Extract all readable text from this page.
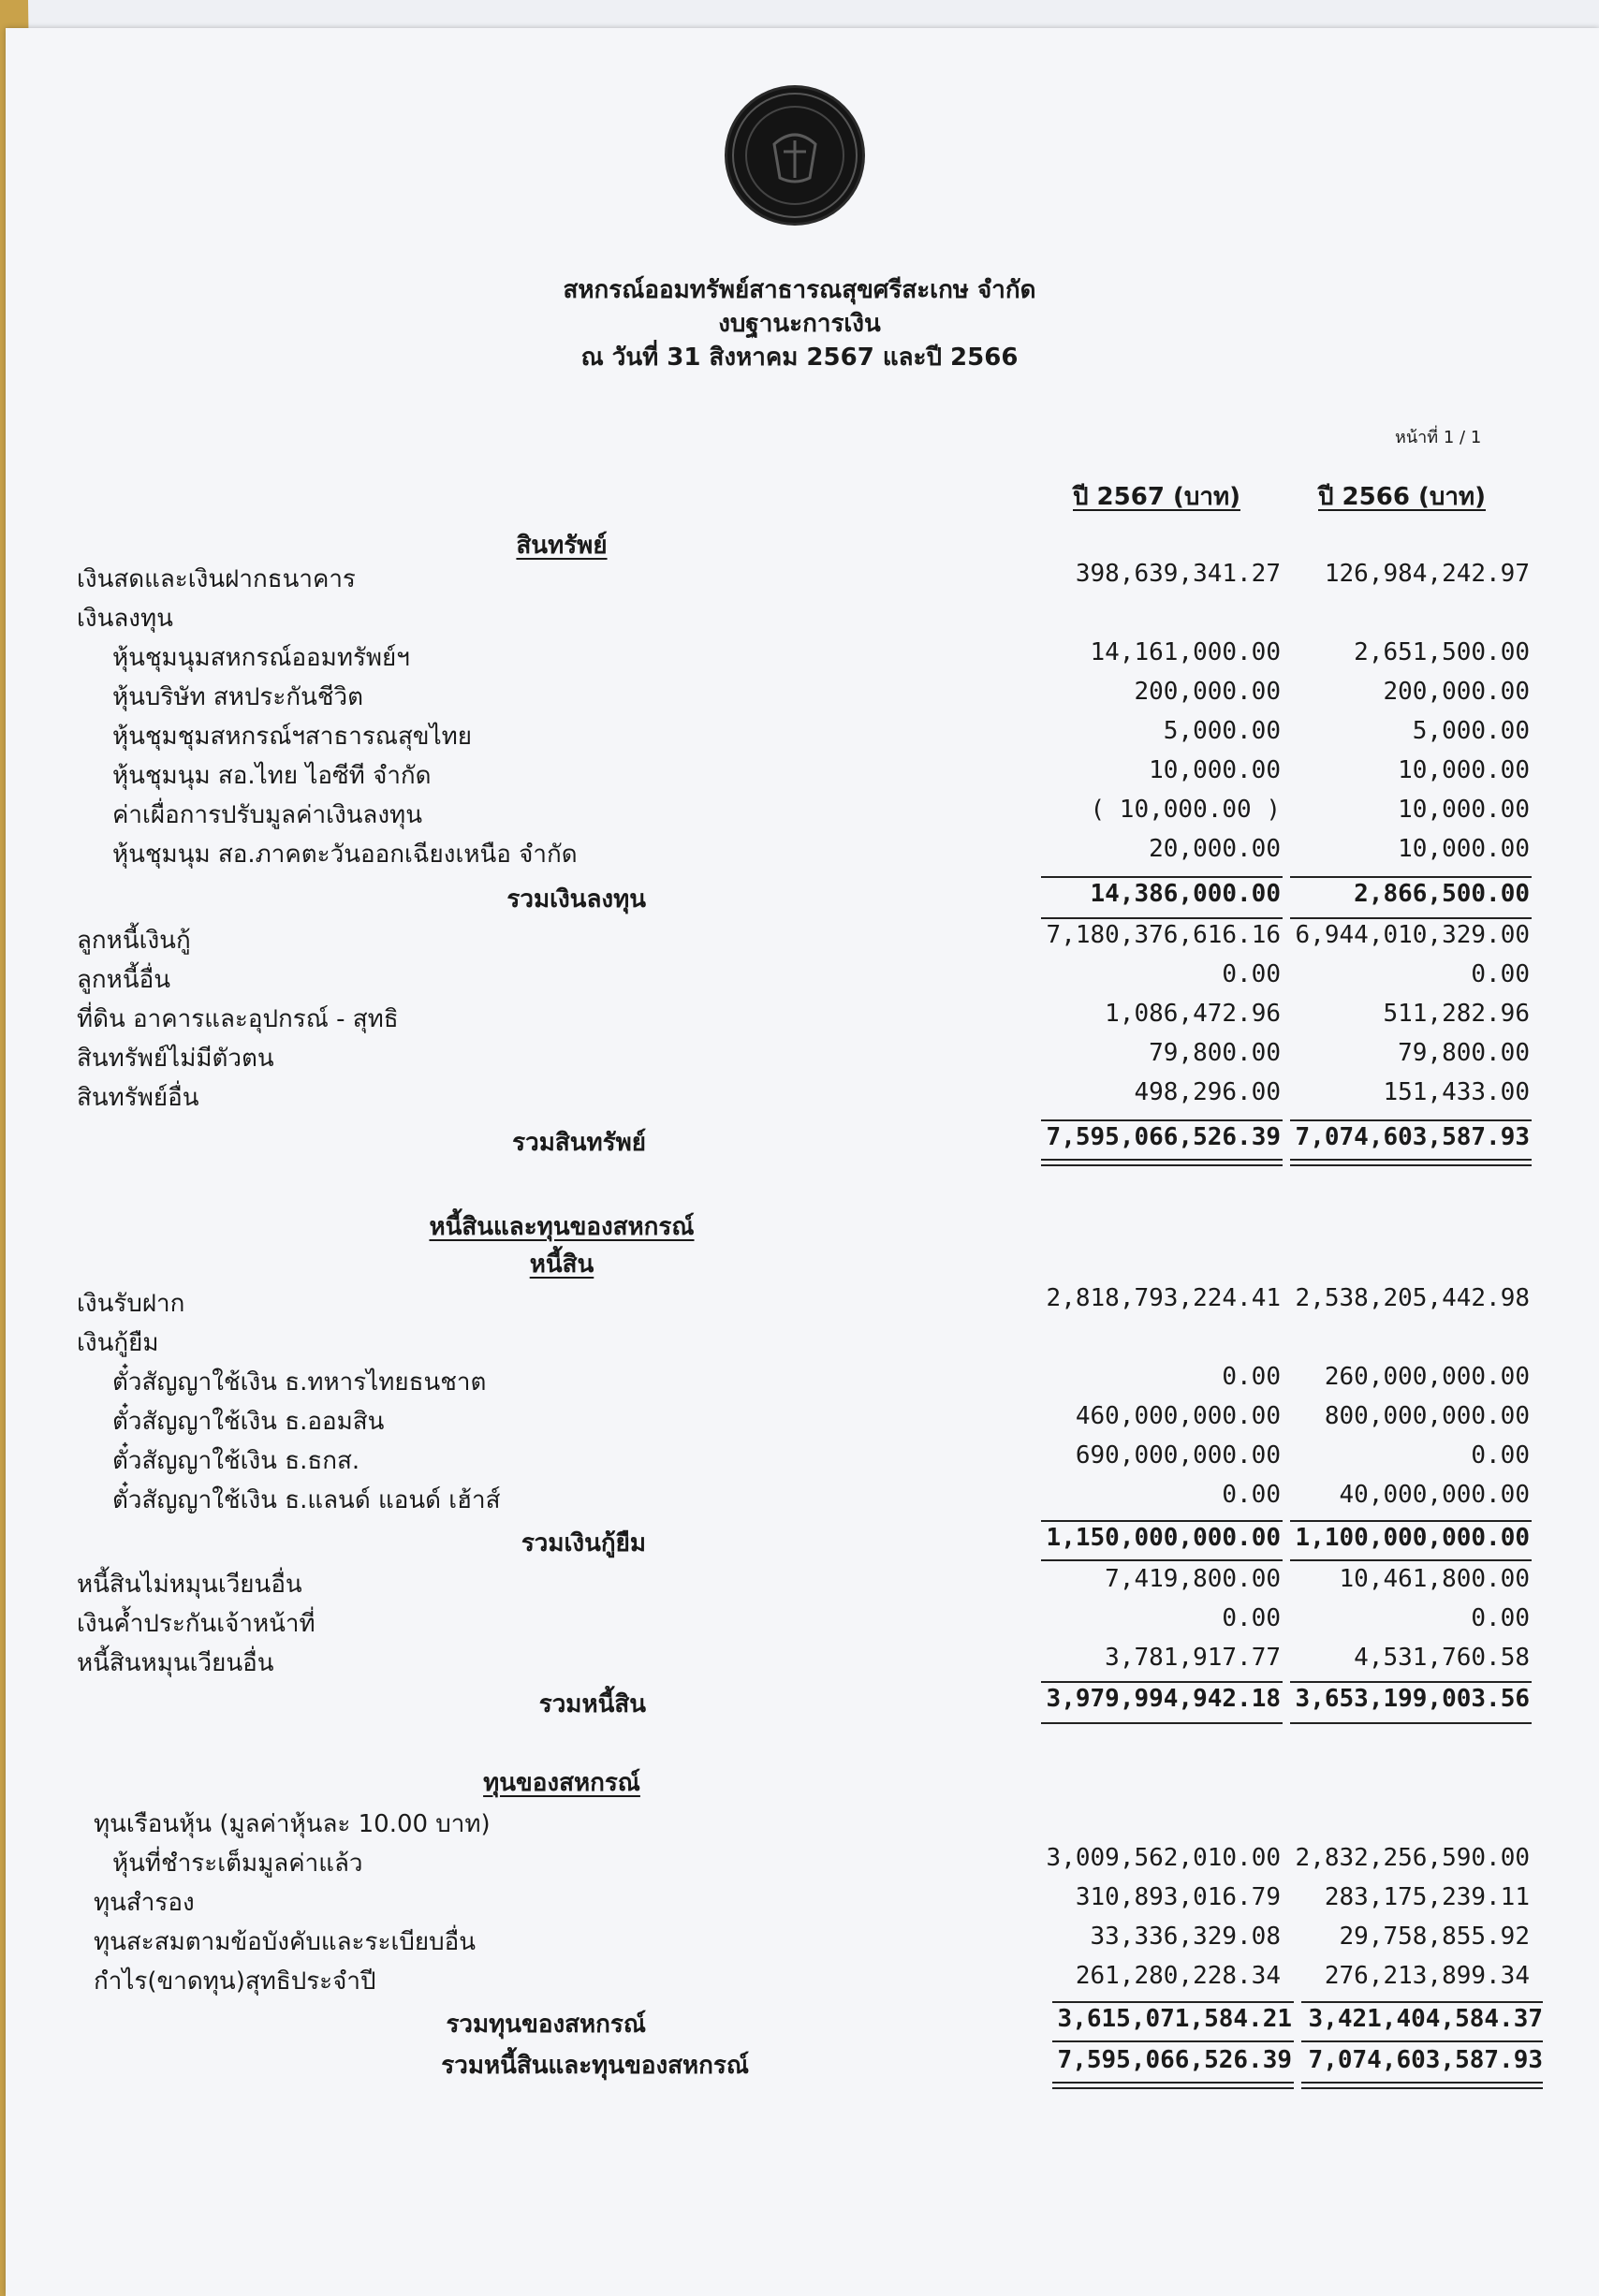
สหกรณ์ออมทรัพย์สาธารณสุขศรีสะเกษ จำกัด
งบฐานะการเงิน
ณ วันที่ 31 สิงหาคม 2567 และปี 2566
หน้าที่ 1 / 1
ปี 2567 (บาท)	ปี 2566 (บาท)
สินทรัพย์
เงินสดและเงินฝากธนาคาร	398,639,341.27	126,984,242.97
เงินลงทุน
หุ้นชุมนุมสหกรณ์ออมทรัพย์ฯ	14,161,000.00	2,651,500.00
หุ้นบริษัท สหประกันชีวิต	200,000.00	200,000.00
หุ้นชุมชุมสหกรณ์ฯสาธารณสุขไทย	5,000.00	5,000.00
หุ้นชุมนุม สอ.ไทย ไอซีที จำกัด	10,000.00	10,000.00
ค่าเผื่อการปรับมูลค่าเงินลงทุน	( 10,000.00 )	10,000.00
หุ้นชุมนุม สอ.ภาคตะวันออกเฉียงเหนือ จำกัด	20,000.00	10,000.00
รวมเงินลงทุน	14,386,000.00	2,866,500.00
ลูกหนี้เงินกู้	7,180,376,616.16 6,944,010,329.00
ลูกหนี้อื่น	0.00	0.00
ที่ดิน อาคารและอุปกรณ์ - สุทธิ	1,086,472.96	511,282.96
สินทรัพย์ไม่มีตัวตน	79,800.00	79,800.00
สินทรัพย์อื่น	498,296.00	151,433.00
รวมสินทรัพย์	7,595,066,526.39 7,074,603,587.93
หนี้สินและทุนของสหกรณ์
หนี้สิน
เงินรับฝาก	2,818,793,224.41 2,538,205,442.98
เงินกู้ยืม
ตั๋วสัญญาใช้เงิน ธ.ทหารไทยธนชาต	0.00	260,000,000.00
ตั๋วสัญญาใช้เงิน ธ.ออมสิน	460,000,000.00	800,000,000.00
ตั๋วสัญญาใช้เงิน ธ.ธกส.	690,000,000.00	0.00
ตั๋วสัญญาใช้เงิน ธ.แลนด์ แอนด์ เฮ้าส์	0.00	40,000,000.00
รวมเงินกู้ยืม	1,150,000,000.00 1,100,000,000.00
หนี้สินไม่หมุนเวียนอื่น	7,419,800.00	10,461,800.00
เงินค้ำประกันเจ้าหน้าที่	0.00	0.00
หนี้สินหมุนเวียนอื่น	3,781,917.77	4,531,760.58
รวมหนี้สิน	3,979,994,942.18 3,653,199,003.56
ทุนของสหกรณ์
ทุนเรือนหุ้น (มูลค่าหุ้นละ 10.00 บาท)
หุ้นที่ชำระเต็มมูลค่าแล้ว	3,009,562,010.00 2,832,256,590.00
ทุนสำรอง	310,893,016.79	283,175,239.11
ทุนสะสมตามข้อบังคับและระเบียบอื่น	33,336,329.08	29,758,855.92
กำไร(ขาดทุน)สุทธิประจำปี	261,280,228.34	276,213,899.34
รวมทุนของสหกรณ์	3,615,071,584.21 3,421,404,584.37
รวมหนี้สินและทุนของสหกรณ์	7,595,066,526.39 7,074,603,587.93
